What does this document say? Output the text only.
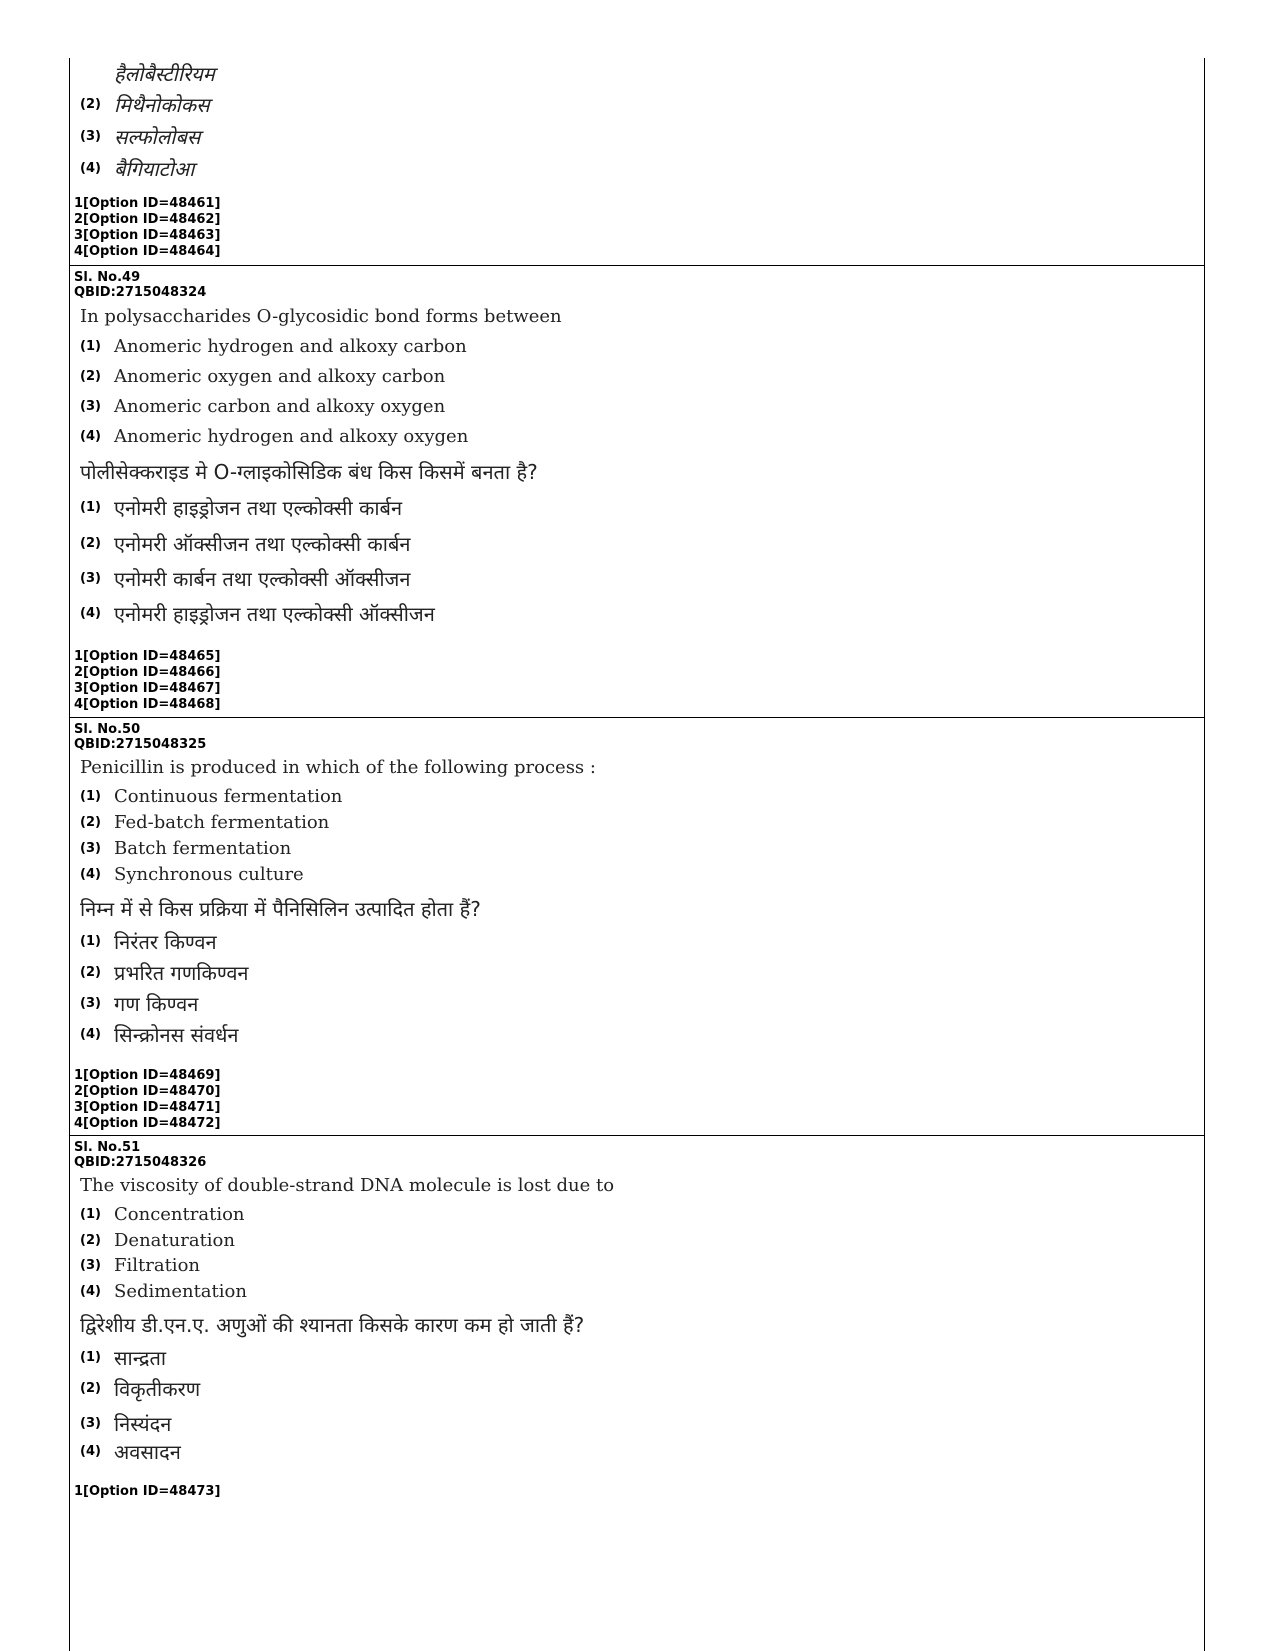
हैलोबैस्टीरियम
(2) मिथैनोकोकस
(3) सल्फोलोबस
(4) बैगियाटोआ
1[Option ID=48461]
2[Option ID=48462]
3[Option ID=48463]
4[Option ID=48464]
Sl. No.49
QBID:2715048324
In polysaccharides O-glycosidic bond forms between
(1) Anomeric hydrogen and alkoxy carbon
(2) Anomeric oxygen and alkoxy carbon
(3) Anomeric carbon and alkoxy oxygen
(4) Anomeric hydrogen and alkoxy oxygen
पोलीसेक्कराइड मे O-ग्लाइकोसिडिक बंध किस किसमें बनता है?
(1) एनोमरी हाइड्रोजन तथा एल्कोक्सी कार्बन
(2) एनोमरी ऑक्सीजन तथा एल्कोक्सी कार्बन
(3) एनोमरी कार्बन तथा एल्कोक्सी ऑक्सीजन
(4) एनोमरी हाइड्रोजन तथा एल्कोक्सी ऑक्सीजन
1[Option ID=48465]
2[Option ID=48466]
3[Option ID=48467]
4[Option ID=48468]
Sl. No.50
QBID:2715048325
Penicillin is produced in which of the following process :
(1) Continuous fermentation
(2) Fed-batch fermentation
(3) Batch fermentation
(4) Synchronous culture
निम्न में से किस प्रक्रिया में पैनिसिलिन उत्पादित होता हैं?
(1) निरंतर किण्वन
(2) प्रभरित गणकिण्वन
(3) गण किण्वन
(4) सिन्क्रोनस संवर्धन
1[Option ID=48469]
2[Option ID=48470]
3[Option ID=48471]
4[Option ID=48472]
Sl. No.51
QBID:2715048326
The viscosity of double-strand DNA molecule is lost due to
(1) Concentration
(2) Denaturation
(3) Filtration
(4) Sedimentation
द्विरेशीय डी.एन.ए. अणुओं की श्यानता किसके कारण कम हो जाती हैं?
(1) सान्द्रता
(2) विकृतीकरण
(3) निस्यंदन
(4) अवसादन
1[Option ID=48473]
